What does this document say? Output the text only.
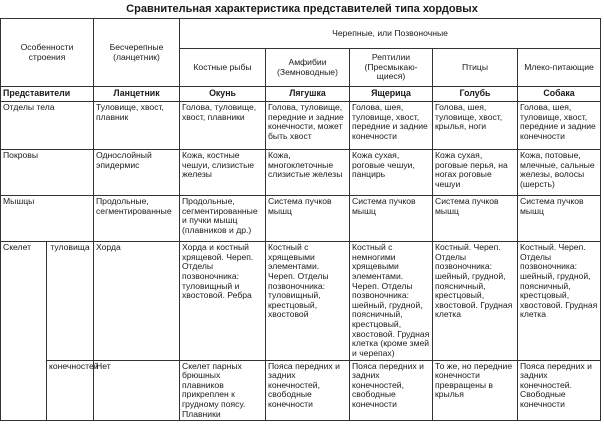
Сравнительная характеристика представителей типа хордовых
Особенности строения		Бесчерепные (ланцетник)	Черепные, или Позвоночные				
			Костные рыбы	Амфибии (Земноводные)	Рептилии (Пресмыкаю-щиеся)	Птицы	Млеко-питающие
Представители		Ланцетник	Окунь	Лягушка	Ящерица	Голубь	Собака
Отделы тела		Туловище, хвост, плавник	Голова, туловище, хвост, плавники	Голова, туловище, передние и задние конечности, может быть хвост	Голова, шея, туловище, хвост, передние и задние конечности	Голова, шея, туловище, хвост, крылья, ноги	Голова, шея, туловище, хвост, передние и задние конечности
Покровы		Однослойный эпидермис	Кожа, костные чешуи, слизистые железы	Кожа, многоклеточные слизистые железы	Кожа сухая, роговые чешуи, панцирь	Кожа сухая, роговые перья, на ногах роговые чешуи	Кожа, потовые, млечные, сальные железы, волосы (шерсть)
Мышцы		Продольные, сегментированные	Продольные, сегментированные и пучки мышц (плавников и др.)	Система пучков мышц	Система пучков мышц	Система пучков мышц	Система пучков мышц
Скелет	туловища	Хорда	Хорда и костный хрящевой. Череп. Отделы позвоночника: туловищный и хвостовой. Ребра	Костный с хрящевыми элементами. Череп. Отделы позвоночника: туловищный, крестцовый, хвостовой	Костный с немногими хрящевыми элементами. Череп. Отделы позвоночника: шейный, грудной, поясничный, крестцовый, хвостовой. Грудная клетка (кроме змей и черепах)	Костный. Череп. Отделы позвоночника: шейный, грудной, поясничный, крестцовый, хвостовой. Грудная клетка	Костный. Череп. Отделы позвоночника: шейный, грудной, поясничный, крестцовый, хвостовой. Грудная клетка
	конечностей	Нет	Скелет парных брюшных плавников прикреплен к грудному поясу. Плавники	Пояса передних и задних конечностей, свободные конечности	Пояса передних и задних конечностей, свободные конечности	То же, но передние конечности превращены в крылья	Пояса передних и задних конечностей. Свободные конечности
